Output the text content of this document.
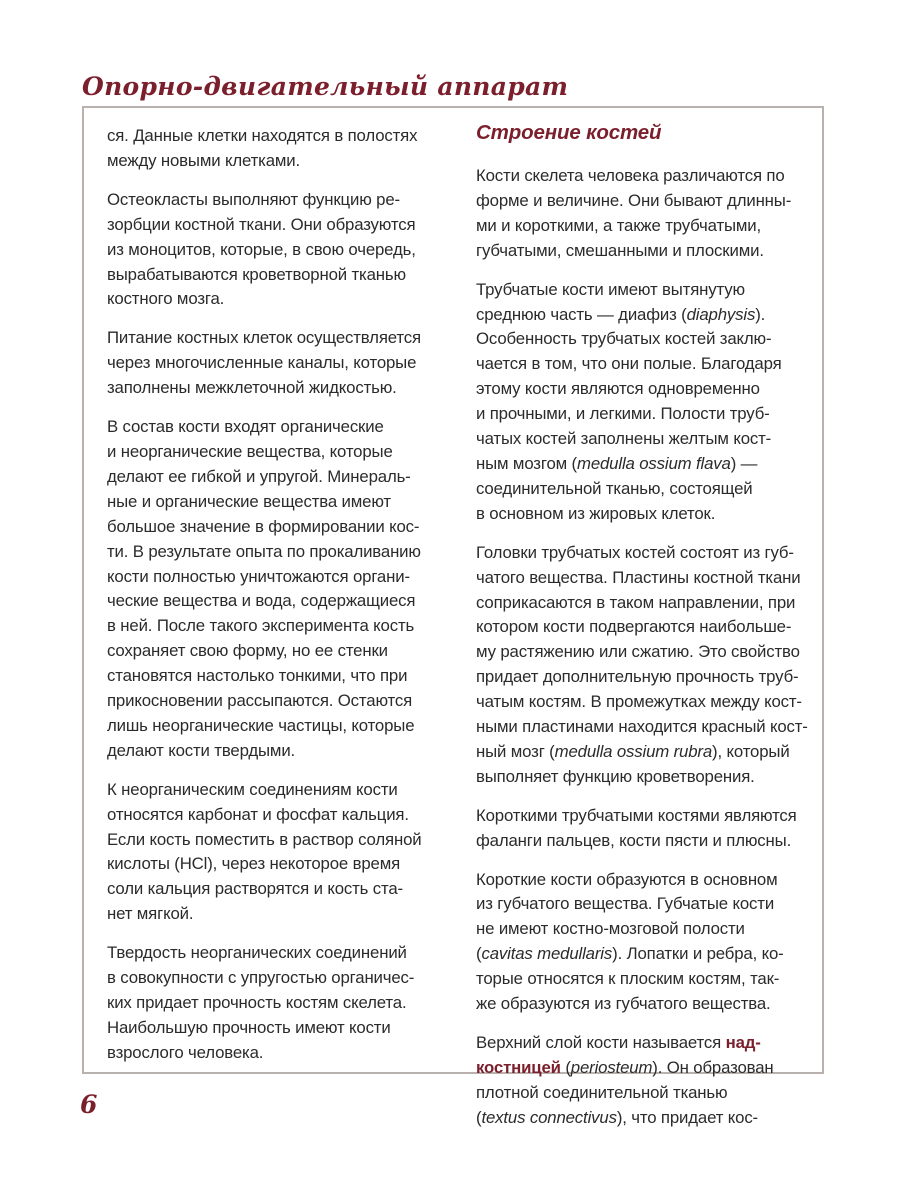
Опорно-двигательный аппарат

ся. Данные клетки находятся в полостях
между новыми клетками.

Остеокласты выполняют функцию ре-
зорбции костной ткани. Они образуются
из моноцитов, которые, в свою очередь,
вырабатываются кроветворной тканью
костного мозга.

Питание костных клеток осуществляется
через многочисленные каналы, которые
заполнены межклеточной жидкостью.

В состав кости входят органические
и неорганические вещества, которые
делают ее гибкой и упругой. Минераль-
ные и органические вещества имеют
большое значение в формировании кос-
ти. В результате опыта по прокаливанию
кости полностью уничтожаются органи-
ческие вещества и вода, содержащиеся
в ней. После такого эксперимента кость
сохраняет свою форму, но ее стенки
становятся настолько тонкими, что при
прикосновении рассыпаются. Остаются
лишь неорганические частицы, которые
делают кости твердыми.

К неорганическим соединениям кости
относятся карбонат и фосфат кальция.
Если кость поместить в раствор соляной
кислоты (HCl), через некоторое время
соли кальция растворятся и кость ста-
нет мягкой.

Твердость неорганических соединений
в совокупности с упругостью органичес-
ких придает прочность костям скелета.
Наибольшую прочность имеют кости
взрослого человека.

Строение костей

Кости скелета человека различаются по
форме и величине. Они бывают длинны-
ми и короткими, а также трубчатыми,
губчатыми, смешанными и плоскими.

Трубчатые кости имеют вытянутую
среднюю часть — диафиз (diaphysis).
Особенность трубчатых костей заклю-
чается в том, что они полые. Благодаря
этому кости являются одновременно
и прочными, и легкими. Полости труб-
чатых костей заполнены желтым кост-
ным мозгом (medulla ossium flava) —
соединительной тканью, состоящей
в основном из жировых клеток.

Головки трубчатых костей состоят из губ-
чатого вещества. Пластины костной ткани
соприкасаются в таком направлении, при
котором кости подвергаются наибольше-
му растяжению или сжатию. Это свойство
придает дополнительную прочность труб-
чатым костям. В промежутках между кост-
ными пластинами находится красный кост-
ный мозг (medulla ossium rubra), который
выполняет функцию кроветворения.

Короткими трубчатыми костями являются
фаланги пальцев, кости пясти и плюсны.

Короткие кости образуются в основном
из губчатого вещества. Губчатые кости
не имеют костно-мозговой полости
(cavitas medullaris). Лопатки и ребра, ко-
торые относятся к плоским костям, так-
же образуются из губчатого вещества.

Верхний слой кости называется над-
костницей (periosteum). Он образован
плотной соединительной тканью
(textus connectivus), что придает кос-

6
